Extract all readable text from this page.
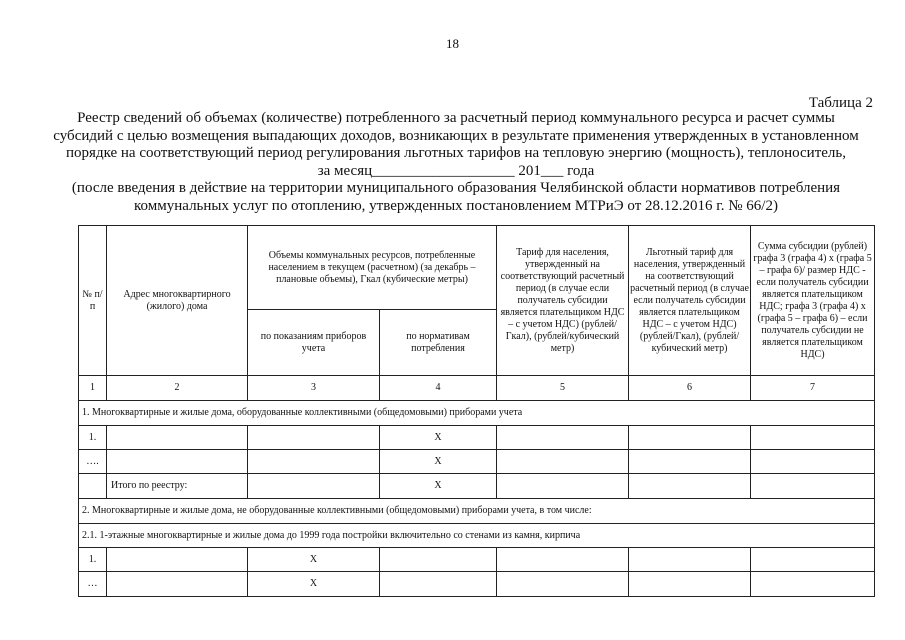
18
Таблица 2
Реестр сведений об объемах (количестве) потребленного за расчетный период коммунального ресурса и расчет суммы
субсидий с целью возмещения выпадающих доходов, возникающих в результате применения утвержденных в установленном
порядке на соответствующий период регулирования льготных тарифов на тепловую энергию (мощность), теплоноситель,
за месяц___________________ 201___ года
(после введения в действие на территории муниципального образования Челябинской области нормативов потребления
коммунальных услуг по отоплению, утвержденных постановлением МТРиЭ от 28.12.2016 г. № 66/2)
№ п/п	Адрес многоквартирного (жилого) дома	Объемы коммунальных ресурсов, потребленные населением в текущем (расчетном) (за декабрь – плановые объемы), Гкал (кубические метры)		Тариф для населения, утвержденный на соответствующий расчетный период (в случае если получатель субсидии является плательщиком НДС – с учетом НДС) (рублей/Гкал), (рублей/кубический метр)	Льготный тариф для населения, утвержденный на соответствующий расчетный период (в случае если получатель субсидии является плательщиком НДС – с учетом НДС) (рублей/Гкал), (рублей/кубический метр)	Сумма субсидии (рублей) графа 3 (графа 4) x (графа 5 – графа 6)/ размер НДС - если получатель субсидии является плательщиком НДС; графа 3 (графа 4) x (графа 5 – графа 6) – если получатель субсидии не является плательщиком НДС)
		по показаниям приборов учета	по нормативам потребления			
1	2	3	4	5	6	7
1. Многоквартирные и жилые дома, оборудованные коллективными (общедомовыми) приборами учета						
1.			X			
….			X			
	Итого по реестру:		X			
2. Многоквартирные и жилые дома, не оборудованные коллективными (общедомовыми) приборами учета, в том числе:						
2.1. 1-этажные многоквартирные и жилые дома до 1999 года постройки включительно со стенами из камня, кирпича						
1.		X				
…		X				
